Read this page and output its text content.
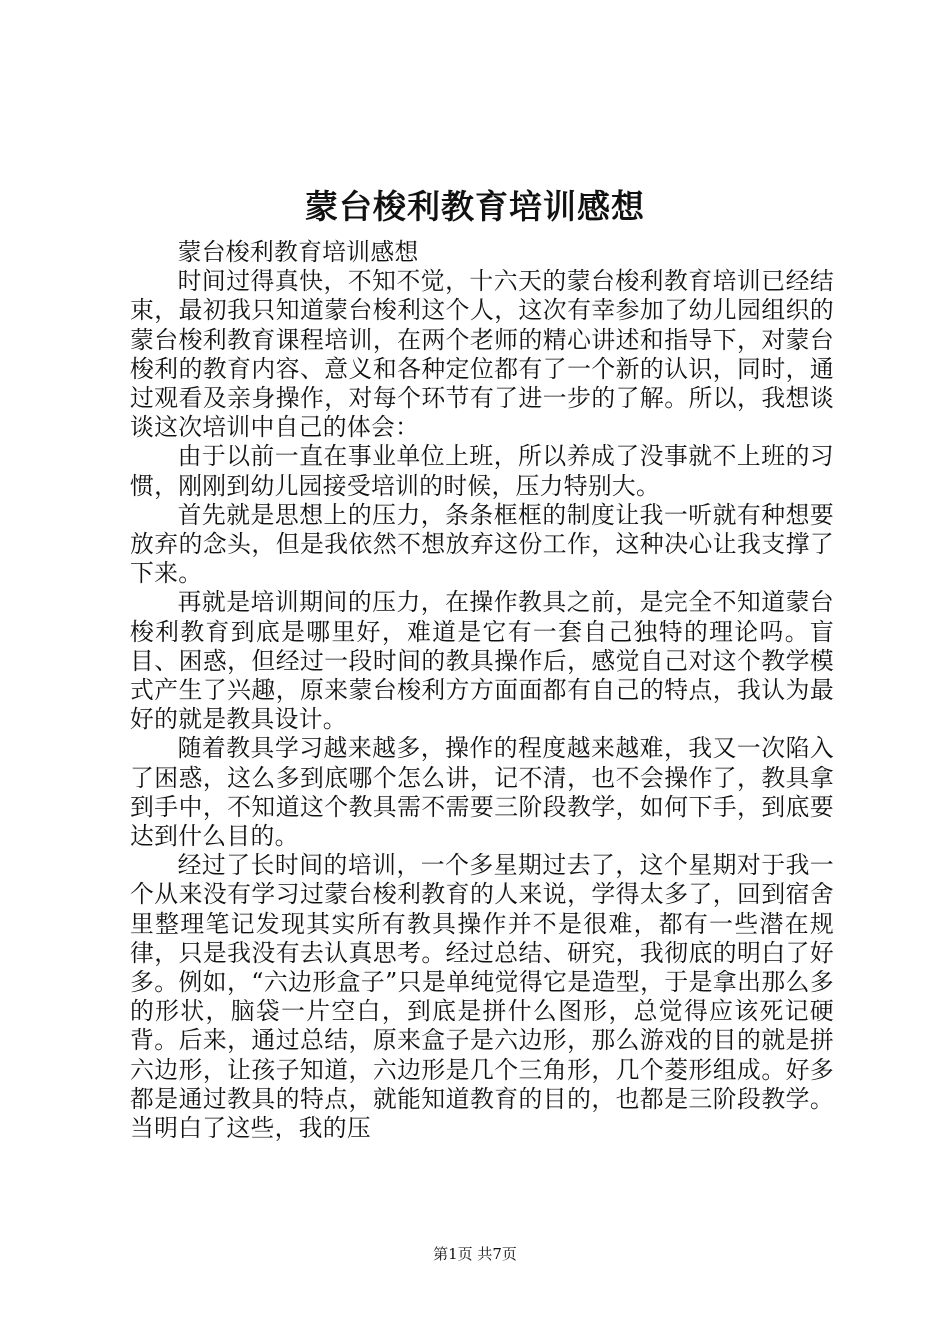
蒙台梭利教育培训感想

蒙台梭利教育培训感想

时间过得真快，不知不觉，十六天的蒙台梭利教育培训已经结束，最初我只知道蒙台梭利这个人，这次有幸参加了幼儿园组织的蒙台梭利教育课程培训，在两个老师的精心讲述和指导下，对蒙台梭利的教育内容、意义和各种定位都有了一个新的认识，同时，通过观看及亲身操作，对每个环节有了进一步的了解。所以，我想谈谈这次培训中自己的体会：

由于以前一直在事业单位上班，所以养成了没事就不上班的习惯，刚刚到幼儿园接受培训的时候，压力特别大。

首先就是思想上的压力，条条框框的制度让我一听就有种想要放弃的念头，但是我依然不想放弃这份工作，这种决心让我支撑了下来。

再就是培训期间的压力，在操作教具之前，是完全不知道蒙台梭利教育到底是哪里好，难道是它有一套自己独特的理论吗。盲目、困惑，但经过一段时间的教具操作后，感觉自己对这个教学模式产生了兴趣，原来蒙台梭利方方面面都有自己的特点，我认为最好的就是教具设计。

随着教具学习越来越多，操作的程度越来越难，我又一次陷入了困惑，这么多到底哪个怎么讲，记不清，也不会操作了，教具拿到手中，不知道这个教具需不需要三阶段教学，如何下手，到底要达到什么目的。

经过了长时间的培训，一个多星期过去了，这个星期对于我一个从来没有学习过蒙台梭利教育的人来说，学得太多了，回到宿舍里整理笔记发现其实所有教具操作并不是很难，都有一些潜在规律，只是我没有去认真思考。经过总结、研究，我彻底的明白了好多。例如，“六边形盒子”只是单纯觉得它是造型，于是拿出那么多的形状，脑袋一片空白，到底是拼什么图形，总觉得应该死记硬背。后来，通过总结，原来盒子是六边形，那么游戏的目的就是拼六边形，让孩子知道，六边形是几个三角形，几个菱形组成。好多都是通过教具的特点，就能知道教育的目的，也都是三阶段教学。当明白了这些，我的压

第1页 共7页
